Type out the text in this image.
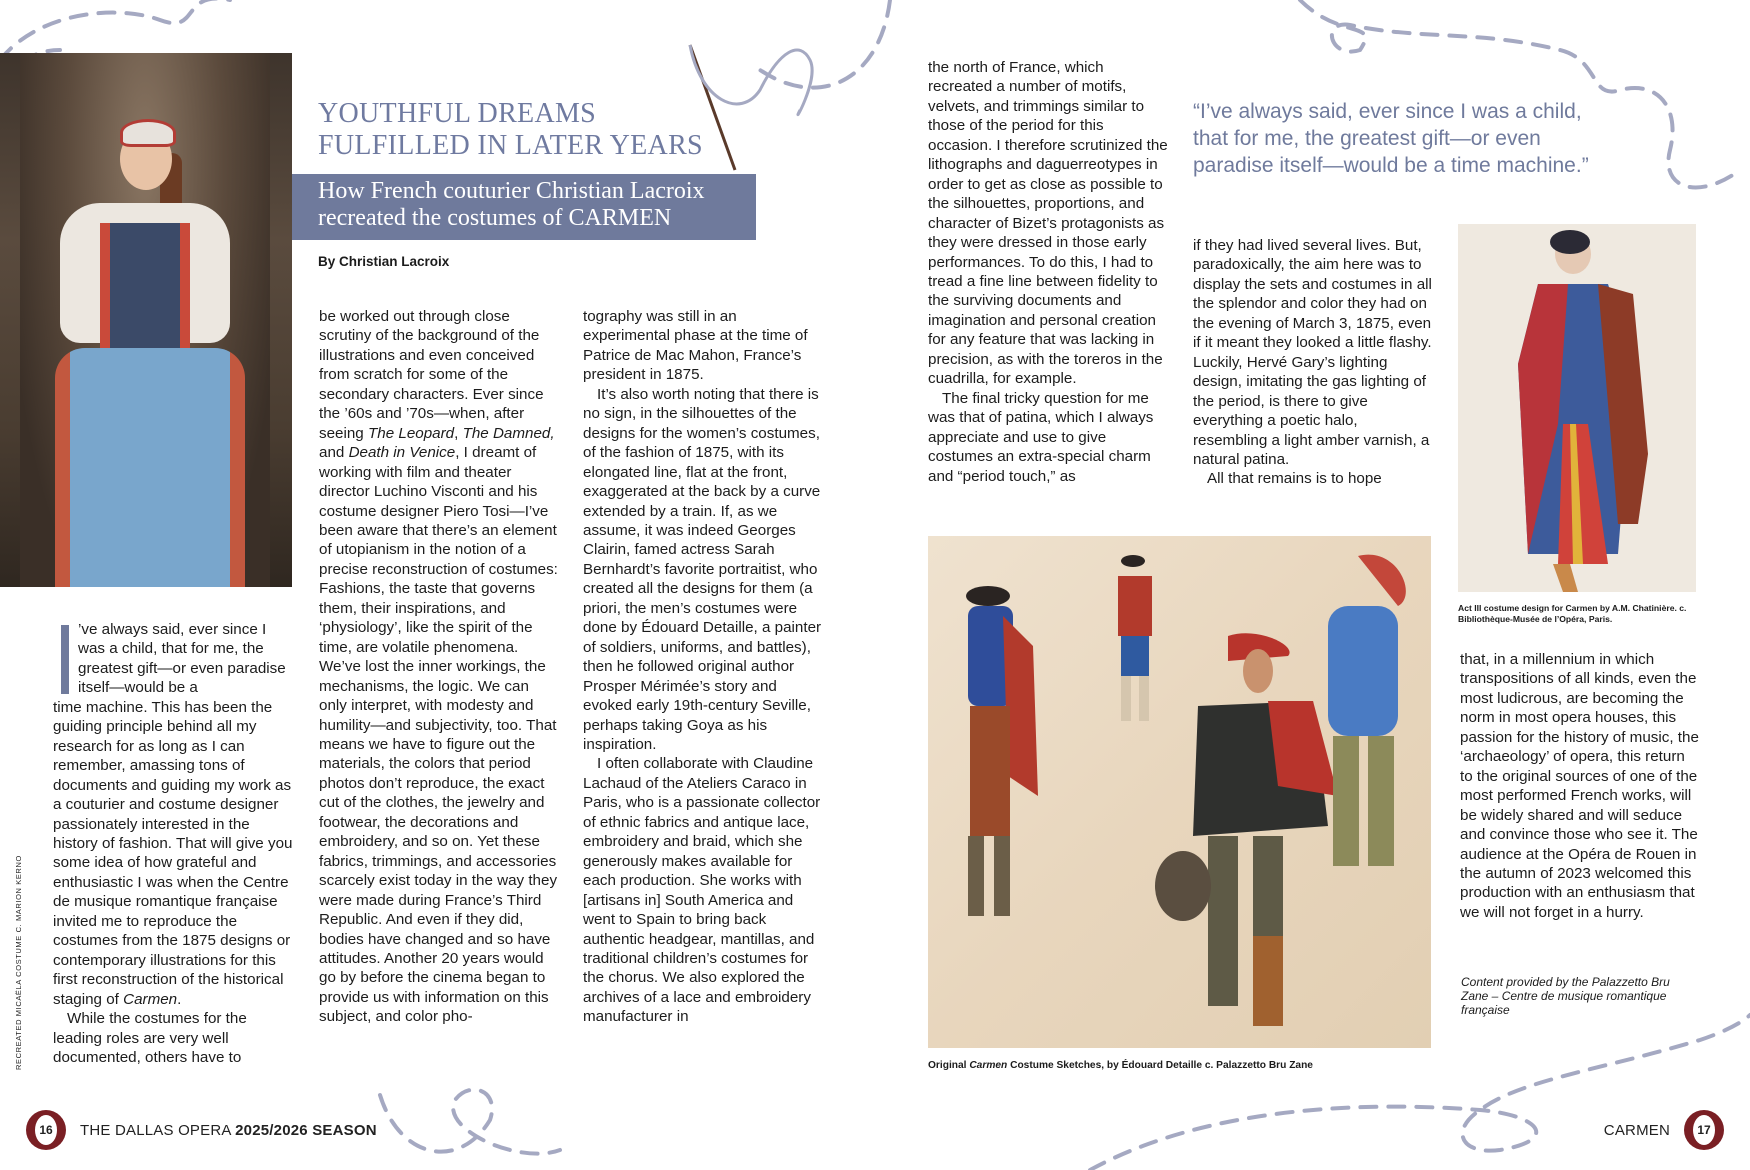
RECREATED MICAËLA COSTUME C. MARION KERNO
YOUTHFUL DREAMS
FULFILLED IN LATER YEARS
How French couturier Christian Lacroix
recreated the costumes of CARMEN
By Christian Lacroix

’ve always said, ever since I was a child, that for me, the greatest gift—or even paradise itself—would be a

time machine. This has been the guiding principle behind all my research for as long as I can remember, amassing tons of documents and guiding my work as a couturier and costume designer passionately interested in the history of fashion. That will give you some idea of how grateful and enthusiastic I was when the Centre de musique romantique française invited me to reproduce the costumes from the 1875 designs or contemporary illustrations for this first reconstruction of the historical staging of Carmen.

While the costumes for the leading roles are very well documented, others have to

be worked out through close scrutiny of the background of the illustrations and even conceived from scratch for some of the secondary characters. Ever since the ’60s and ’70s—when, after seeing The Leopard, The Damned, and Death in Venice, I dreamt of working with film and theater director Luchino Visconti and his costume designer Piero Tosi—I’ve been aware that there’s an element of utopianism in the notion of a precise reconstruction of costumes: Fashions, the taste that governs them, their inspirations, and ‘physiology’, like the spirit of the time, are volatile phenomena. We’ve lost the inner workings, the mechanisms, the logic. We can only interpret, with modesty and humility—and subjectivity, too. That means we have to figure out the materials, the colors that period photos don’t reproduce, the exact cut of the clothes, the jewelry and footwear, the decorations and embroidery, and so on. Yet these fabrics, trimmings, and accessories scarcely exist today in the way they were made during France’s Third Republic. And even if they did, bodies have changed and so have attitudes. Another 20 years would go by before the cinema began to provide us with information on this subject, and color pho-

tography was still in an experimental phase at the time of Patrice de Mac Mahon, France’s president in 1875.

It’s also worth noting that there is no sign, in the silhouettes of the designs for the women’s costumes, of the fashion of 1875, with its elongated line, flat at the front, exaggerated at the back by a curve extended by a train. If, as we assume, it was indeed Georges Clairin, famed actress Sarah Bernhardt’s favorite portraitist, who created all the designs for them (a priori, the men’s costumes were done by Édouard Detaille, a painter of soldiers, uniforms, and battles), then he followed original author Prosper Mérimée’s story and evoked early 19th-century Seville, perhaps taking Goya as his inspiration.

I often collaborate with Claudine Lachaud of the Ateliers Caraco in Paris, who is a passionate collector of ethnic fabrics and antique lace, embroidery and braid, which she generously makes available for each production. She works with [artisans in] South America and went to Spain to bring back authentic headgear, mantillas, and traditional children’s costumes for the chorus. We also explored the archives of a lace and embroidery manufacturer in

16 THE DALLAS OPERA 2025/2026 SEASON

the north of France, which recreated a number of motifs, velvets, and trimmings similar to those of the period for this occasion. I therefore scrutinized the lithographs and daguerreotypes in order to get as close as possible to the silhouettes, proportions, and character of Bizet’s protagonists as they were dressed in those early performances. To do this, I had to tread a fine line between fidelity to the surviving documents and imagination and personal creation for any feature that was lacking in precision, as with the toreros in the cuadrilla, for example.

The final tricky question for me was that of patina, which I always appreciate and use to give costumes an extra-special charm and “period touch,” as

“I’ve always said, ever since I was a child, that for me, the greatest gift—or even paradise itself—would be a time machine.”

if they had lived several lives. But, paradoxically, the aim here was to display the sets and costumes in all the splendor and color they had on the evening of March 3, 1875, even if it meant they looked a little flashy. Luckily, Hervé Gary’s lighting design, imitating the gas lighting of the period, is there to give everything a poetic halo, resembling a light amber varnish, a natural patina.

All that remains is to hope

Act III costume design for Carmen by A.M. Chatinière. c. Bibliothèque-Musée de l’Opéra, Paris.

that, in a millennium in which transpositions of all kinds, even the most ludicrous, are becoming the norm in most opera houses, this passion for the history of music, the ‘archaeology’ of opera, this return to the original sources of one of the most performed French works, will be widely shared and will seduce and convince those who see it. The audience at the Opéra de Rouen in the autumn of 2023 welcomed this production with an enthusiasm that we will not forget in a hurry.

Content provided by the Palazzetto Bru Zane – Centre de musique romantique française
Original Carmen Costume Sketches, by Édouard Detaille c. Palazzetto Bru Zane
CARMEN	17
